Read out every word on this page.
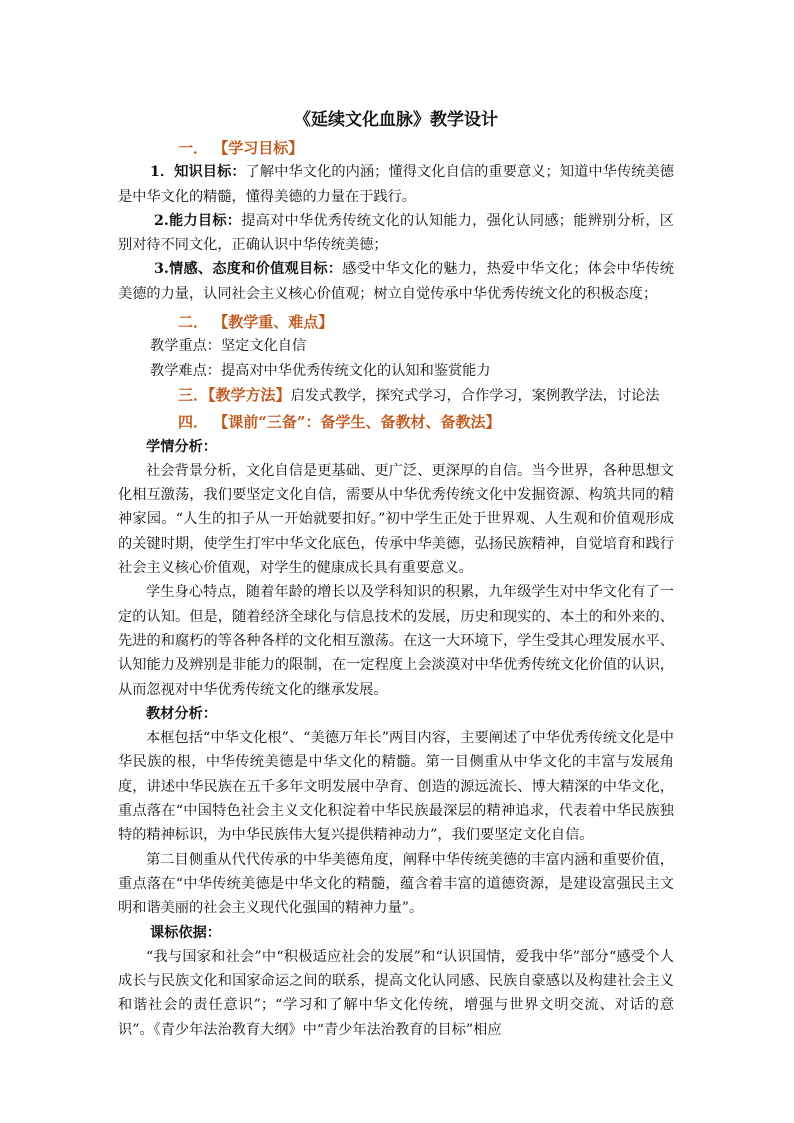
《延续文化血脉》教学设计
一． 【学习目标】

1．知识目标：了解中华文化的内涵；懂得文化自信的重要意义；知道中华传统美德是中华文化的精髓，懂得美德的力量在于践行。

2.能力目标：提高对中华优秀传统文化的认知能力，强化认同感；能辨别分析，区别对待不同文化，正确认识中华传统美德；

3.情感、态度和价值观目标：感受中华文化的魅力，热爱中华文化；体会中华传统美德的力量，认同社会主义核心价值观；树立自觉传承中华优秀传统文化的积极态度；

二． 【教学重、难点】

教学重点：坚定文化自信

教学难点：提高对中华优秀传统文化的认知和鉴赏能力

三．【教学方法】启发式教学，探究式学习，合作学习，案例教学法，讨论法

四． 【课前“三备”：备学生、备教材、备教法】
学情分析：

社会背景分析，文化自信是更基础、更广泛、更深厚的自信。当今世界，各种思想文化相互激荡，我们要坚定文化自信，需要从中华优秀传统文化中发掘资源、构筑共同的精神家园。“人生的扣子从一开始就要扣好。”初中学生正处于世界观、人生观和价值观形成的关键时期，使学生打牢中华文化底色，传承中华美德，弘扬民族精神，自觉培育和践行社会主义核心价值观，对学生的健康成长具有重要意义。

学生身心特点，随着年龄的增长以及学科知识的积累，九年级学生对中华文化有了一定的认知。但是，随着经济全球化与信息技术的发展，历史和现实的、本土的和外来的、先进的和腐朽的等各种各样的文化相互激荡。在这一大环境下，学生受其心理发展水平、认知能力及辨别是非能力的限制，在一定程度上会淡漠对中华优秀传统文化价值的认识，从而忽视对中华优秀传统文化的继承发展。

教材分析：

本框包括“中华文化根”、“美德万年长”两目内容，主要阐述了中华优秀传统文化是中华民族的根，中华传统美德是中华文化的精髓。第一目侧重从中华文化的丰富与发展角度，讲述中华民族在五千多年文明发展中孕育、创造的源远流长、博大精深的中华文化，重点落在“中国特色社会主义文化积淀着中华民族最深层的精神追求，代表着中华民族独特的精神标识，为中华民族伟大复兴提供精神动力”，我们要坚定文化自信。

第二目侧重从代代传承的中华美德角度，阐释中华传统美德的丰富内涵和重要价值，重点落在“中华传统美德是中华文化的精髓，蕴含着丰富的道德资源，是建设富强民主文明和谐美丽的社会主义现代化强国的精神力量”。

课标依据：

“我与国家和社会”中“积极适应社会的发展”和“认识国情，爱我中华”部分“感受个人成长与民族文化和国家命运之间的联系，提高文化认同感、民族自豪感以及构建社会主义和谐社会的责任意识”；“学习和了解中华文化传统，增强与世界文明交流、对话的意识”。《青少年法治教育大纲》中“青少年法治教育的目标”相应
